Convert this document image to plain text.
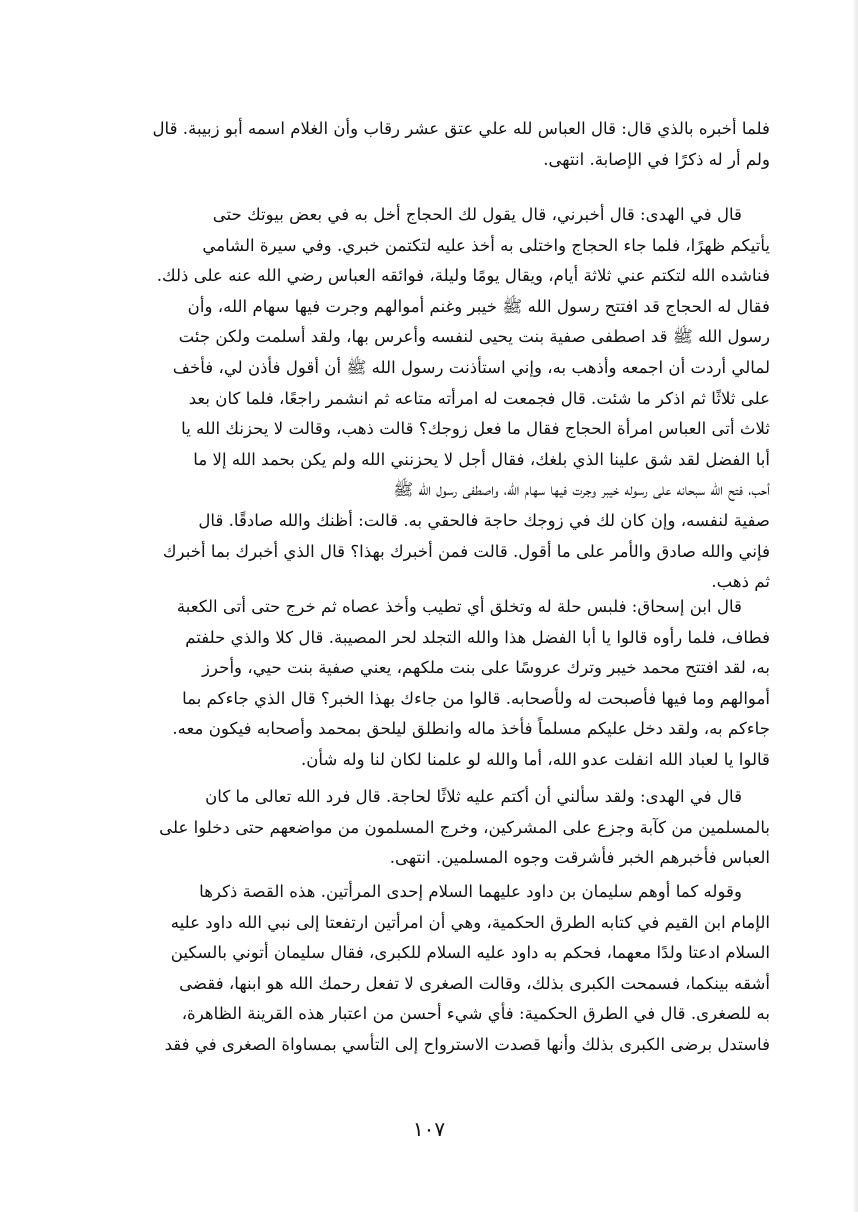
فلما أخبره بالذي قال: قال العباس لله علي عتق عشر رقاب وأن الغلام اسمه أبو زبيبة. قال
ولم أر له ذكرًا في الإصابة. انتهى.

قال في الهدى: قال أخبرني، قال يقول لك الحجاج أخل به في بعض بيوتك حتى
يأتيكم ظهرًا، فلما جاء الحجاج واختلى به أخذ عليه لتكتمن خبري. وفي سيرة الشامي
فناشده الله لتكتم عني ثلاثة أيام، ويقال يومًا وليلة، فوائقه العباس رضي الله عنه على ذلك.
فقال له الحجاج قد افتتح رسول الله ﷺ خيبر وغنم أموالهم وجرت فيها سهام الله، وأن
رسول الله ﷺ قد اصطفى صفية بنت يحيى لنفسه وأعرس بها، ولقد أسلمت ولكن جئت
لمالي أردت أن اجمعه وأذهب به، وإني استأذنت رسول الله ﷺ أن أقول فأذن لي، فأخف
على ثلاثًا ثم اذكر ما شئت. قال فجمعت له امرأته متاعه ثم انشمر راجعًا، فلما كان بعد
ثلاث أتى العباس امرأة الحجاج فقال ما فعل زوجك؟ قالت ذهب، وقالت لا يحزنك الله يا
أبا الفضل لقد شق علينا الذي بلغك، فقال أجل لا يحزنني الله ولم يكن بحمد الله إلا ما
أحب، فتح الله سبحانه على رسوله خيبر وجرت فيها سهام الله، واصطفى رسول الله ﷺ
صفية لنفسه، وإن كان لك في زوجك حاجة فالحقي به. قالت: أظنك والله صادقًا. قال
فإني والله صادق والأمر على ما أقول. قالت فمن أخبرك بهذا؟ قال الذي أخبرك بما أخبرك
ثم ذهب.

قال ابن إسحاق: فلبس حلة له وتخلق أي تطيب وأخذ عصاه ثم خرج حتى أتى الكعبة
فطاف، فلما رأوه قالوا يا أبا الفضل هذا والله التجلد لحر المصيبة. قال كلا والذي حلفتم
به، لقد افتتح محمد خيبر وترك عروسًا على بنت ملكهم، يعني صفية بنت حيي، وأحرز
أموالهم وما فيها فأصبحت له ولأصحابه. قالوا من جاءك بهذا الخبر؟ قال الذي جاءكم بما
جاءكم به، ولقد دخل عليكم مسلماً فأخذ ماله وانطلق ليلحق بمحمد وأصحابه فيكون معه.
قالوا يا لعباد الله انفلت عدو الله، أما والله لو علمنا لكان لنا وله شأن.

قال في الهدى: ولقد سألني أن أكتم عليه ثلاثًا لحاجة. قال فرد الله تعالى ما كان
بالمسلمين من كآبة وجزع على المشركين، وخرج المسلمون من مواضعهم حتى دخلوا على
العباس فأخبرهم الخبر فأشرقت وجوه المسلمين. انتهى.

وقوله كما أوهم سليمان بن داود عليهما السلام إحدى المرأتين. هذه القصة ذكرها
الإمام ابن القيم في كتابه الطرق الحكمية، وهي أن امرأتين ارتفعتا إلى نبي الله داود عليه
السلام ادعتا ولدًا معهما، فحكم به داود عليه السلام للكبرى، فقال سليمان أتوني بالسكين
أشقه بينكما، فسمحت الكبرى بذلك، وقالت الصغرى لا تفعل رحمك الله هو ابنها، فقضى
به للصغرى. قال في الطرق الحكمية: فأي شيء أحسن من اعتبار هذه القرينة الظاهرة،
فاستدل برضى الكبرى بذلك وأنها قصدت الاسترواح إلى التأسي بمساواة الصغرى في فقد

١٠٧
